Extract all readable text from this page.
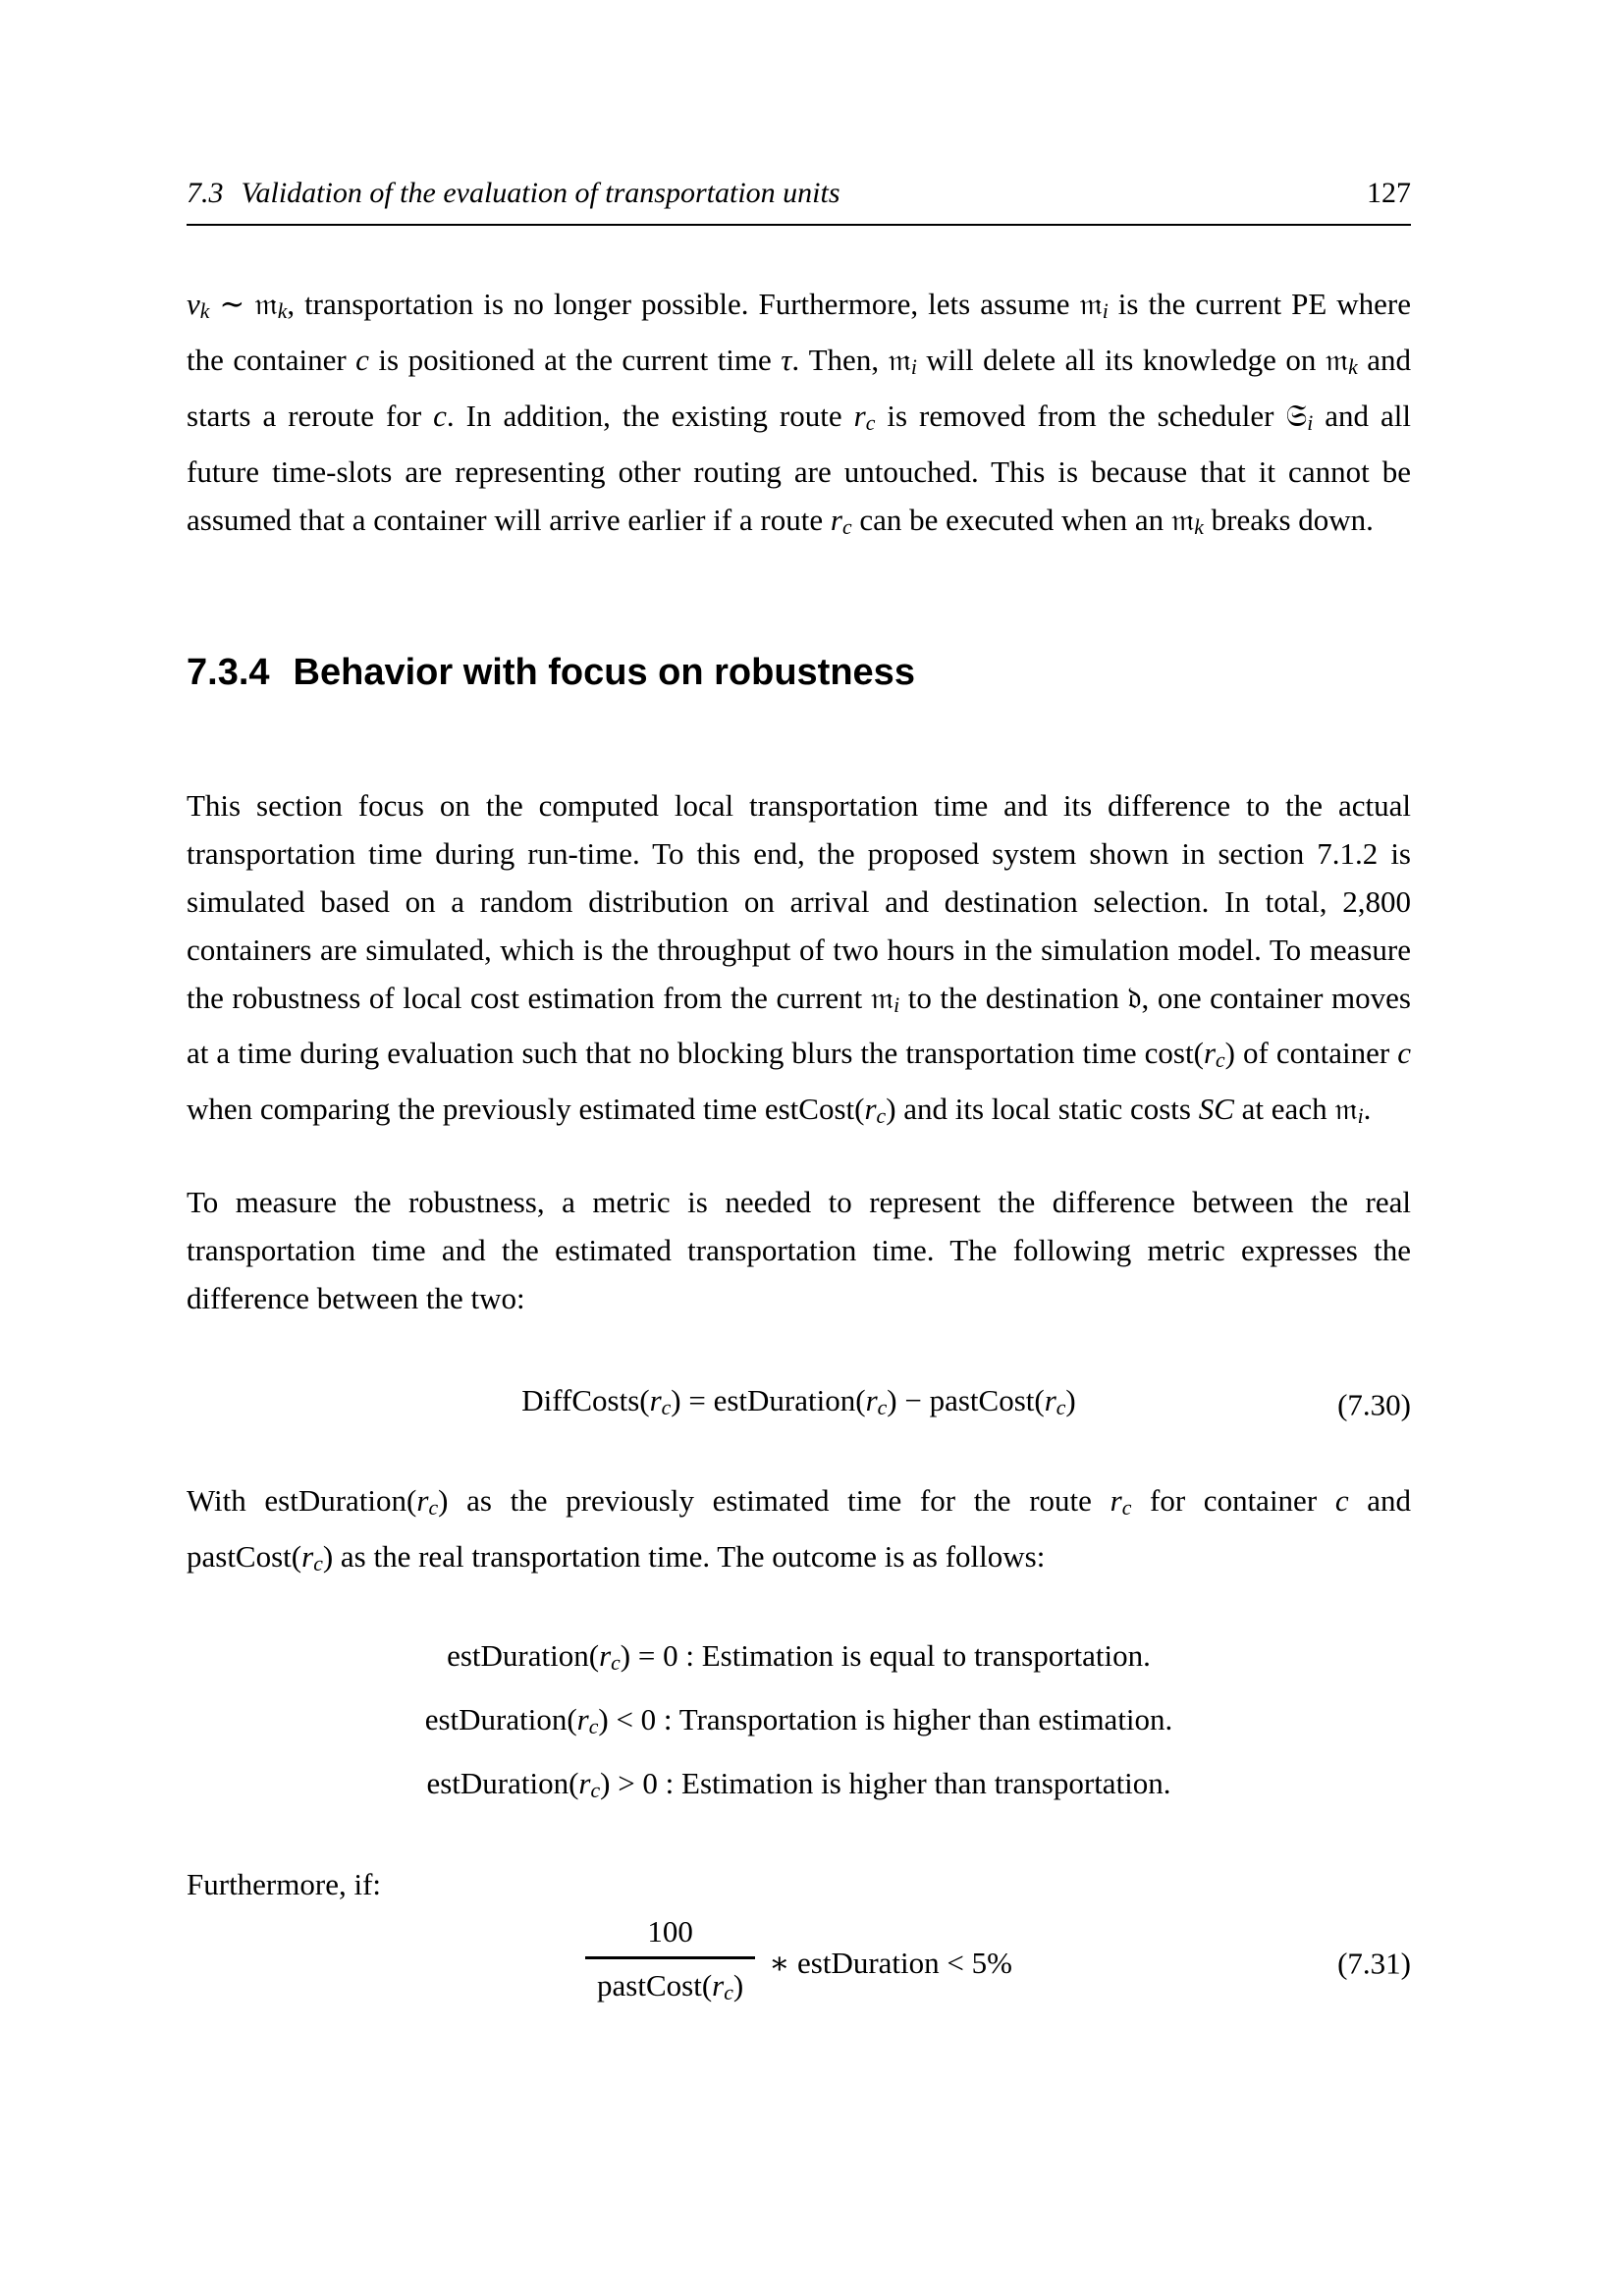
7.3 Validation of the evaluation of transportation units	127

vk ∼ 𝔪k, transportation is no longer possible. Furthermore, lets assume 𝔪i is the current PE where the container c is positioned at the current time τ. Then, 𝔪i will delete all its knowledge on 𝔪k and starts a reroute for c. In addition, the existing route rc is removed from the scheduler 𝔖i and all future time-slots are representing other routing are untouched. This is because that it cannot be assumed that a container will arrive earlier if a route rc can be executed when an 𝔪k breaks down.

7.3.4 Behavior with focus on robustness

This section focus on the computed local transportation time and its difference to the actual transportation time during run-time. To this end, the proposed system shown in section 7.1.2 is simulated based on a random distribution on arrival and destination selection. In total, 2,800 containers are simulated, which is the throughput of two hours in the simulation model. To measure the robustness of local cost estimation from the current 𝔪i to the destination 𝔡, one container moves at a time during evaluation such that no blocking blurs the transportation time cost(rc) of container c when comparing the previously estimated time estCost(rc) and its local static costs SC at each 𝔪i.

To measure the robustness, a metric is needed to represent the difference between the real transportation time and the estimated transportation time. The following metric expresses the difference between the two:

DiffCosts(rc) = estDuration(rc) − pastCost(rc)	(7.30)

With estDuration(rc) as the previously estimated time for the route rc for container c and pastCost(rc) as the real transportation time. The outcome is as follows:

estDuration(rc) = 0 : Estimation is equal to transportation.
estDuration(rc) < 0 : Transportation is higher than estimation.
estDuration(rc) > 0 : Estimation is higher than transportation.

Furthermore, if:

$\frac{100}{\text{pastCost(rc)}}$ ∗ estDuration < 5%	(7.31)
